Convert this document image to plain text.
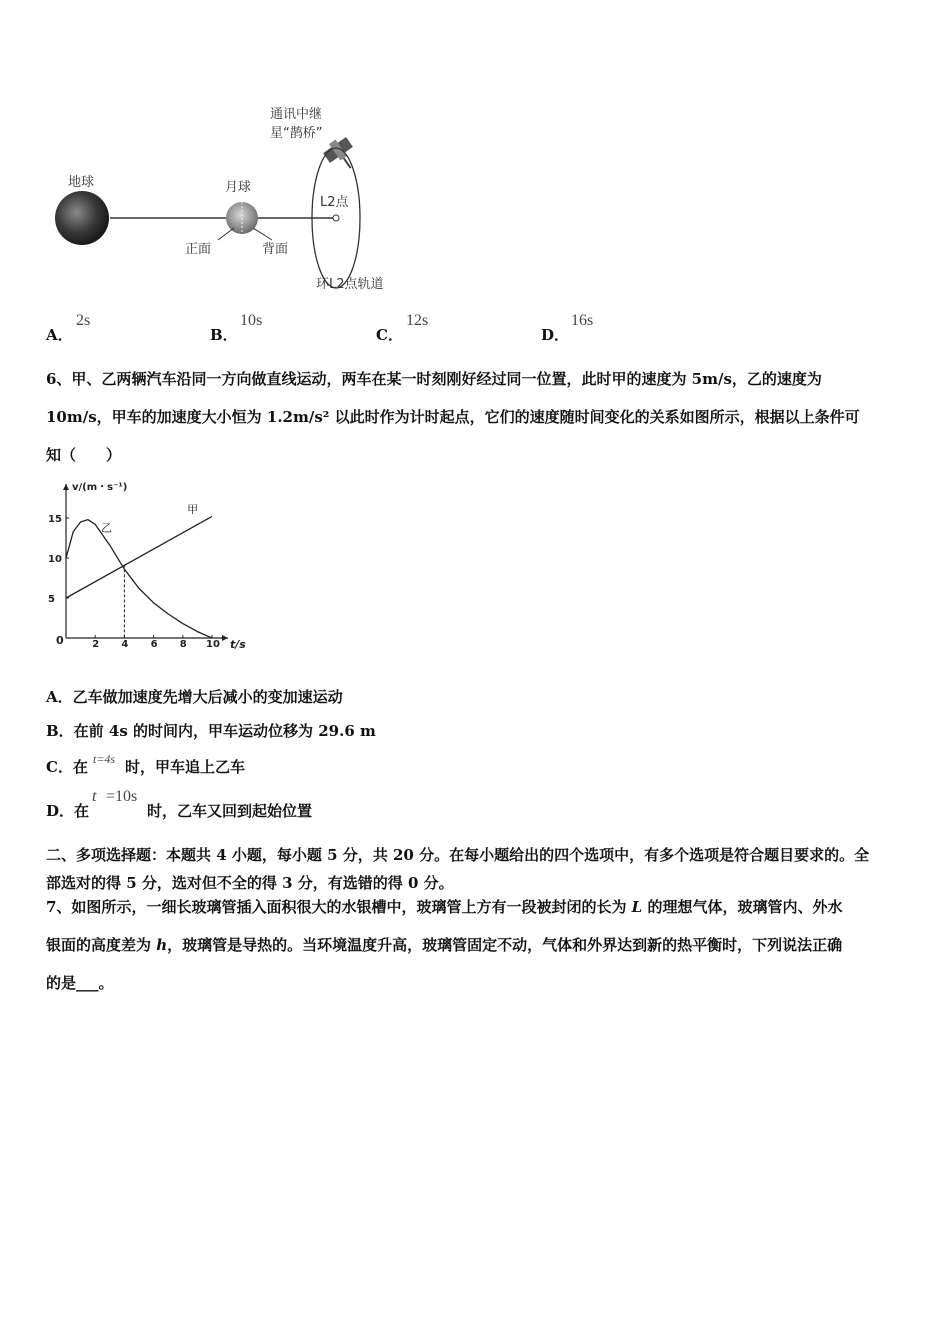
通讯中继
星“鹊桥”
地球	月球
正面	背面
L2点
环L2点轨道
A．
2s
B．
10s
C．
12s
D．
16s
6、甲、乙两辆汽车沿同一方向做直线运动，两车在某一时刻刚好经过同一位置，此时甲的速度为 5m/s，乙的速度为
10m/s，甲车的加速度大小恒为 1.2m/s² 以此时作为计时起点，它们的速度随时间变化的关系如图所示，根据以上条件可
知（　　）
2 4 6 8 10
5
10
15
甲
乙
v/(m・s⁻¹)
t/s
0
A．乙车做加速度先增大后减小的变加速运动
B．在前 4s 的时间内，甲车运动位移为 29.6 m
C．在 t=4s 时，甲车追上乙车
D．在
t =10s
时，乙车又回到起始位置
二、多项选择题：本题共 4 小题，每小题 5 分，共 20 分。在每小题给出的四个选项中，有多个选项是符合题目要求的。全
部选对的得 5 分，选对但不全的得 3 分，有选错的得 0 分。
7、如图所示，一细长玻璃管插入面积很大的水银槽中，玻璃管上方有一段被封闭的长为 L 的理想气体，玻璃管内、外水
银面的高度差为 h，玻璃管是导热的。当环境温度升高，玻璃管固定不动，气体和外界达到新的热平衡时，下列说法正确
的是___。
